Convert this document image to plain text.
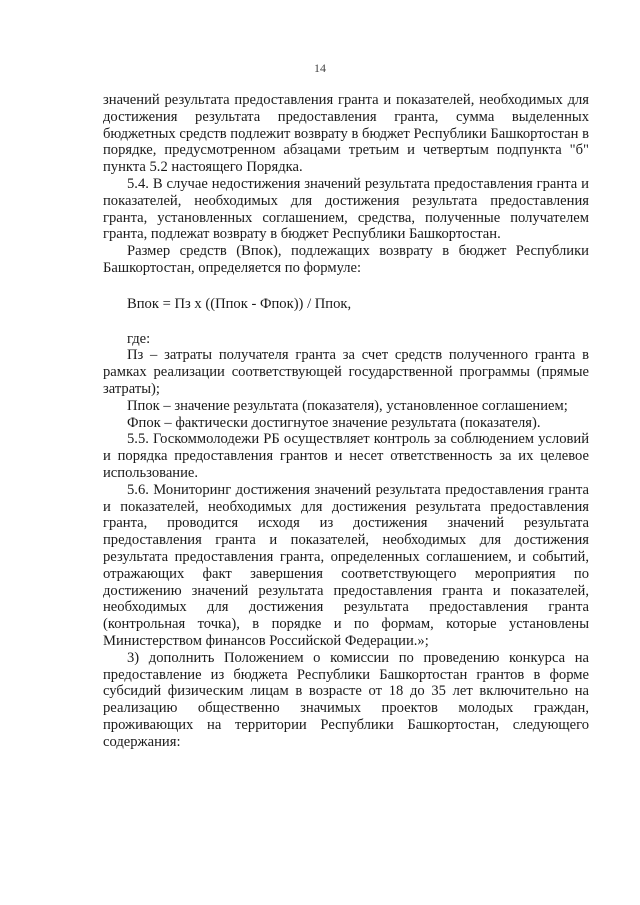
14

значений результата предоставления гранта и показателей, необходимых для достижения результата предоставления гранта, сумма выделенных бюджетных средств подлежит возврату в бюджет Республики Башкортостан в порядке, предусмотренном абзацами третьим и четвертым подпункта "б" пункта 5.2 настоящего Порядка.

5.4. В случае недостижения значений результата предоставления гранта и показателей, необходимых для достижения результата предоставления гранта, установленных соглашением, средства, полученные получателем гранта, подлежат возврату в бюджет Республики Башкортостан.

Размер средств (Впок), подлежащих возврату в бюджет Республики Башкортостан, определяется по формуле:

Впок = Пз х ((Ппок - Фпок)) / Ппок,

где:

Пз – затраты получателя гранта за счет средств полученного гранта в рамках реализации соответствующей государственной программы (прямые затраты);

Ппок – значение результата (показателя), установленное соглашением;

Фпок – фактически достигнутое значение результата (показателя).

5.5. Госкоммолодежи РБ осуществляет контроль за соблюдением условий и порядка предоставления грантов и несет ответственность за их целевое использование.

5.6. Мониторинг достижения значений результата предоставления гранта и показателей, необходимых для достижения результата предоставления гранта, проводится исходя из достижения значений результата предоставления гранта и показателей, необходимых для достижения результата предоставления гранта, определенных соглашением, и событий, отражающих факт завершения соответствующего мероприятия по достижению значений результата предоставления гранта и показателей, необходимых для достижения результата предоставления гранта (контрольная точка), в порядке и по формам, которые установлены Министерством финансов Российской Федерации.»;

3) дополнить Положением о комиссии по проведению конкурса на предоставление из бюджета Республики Башкортостан грантов в форме субсидий физическим лицам в возрасте от 18 до 35 лет включительно на реализацию общественно значимых проектов молодых граждан, проживающих на территории Республики Башкортостан, следующего содержания:
